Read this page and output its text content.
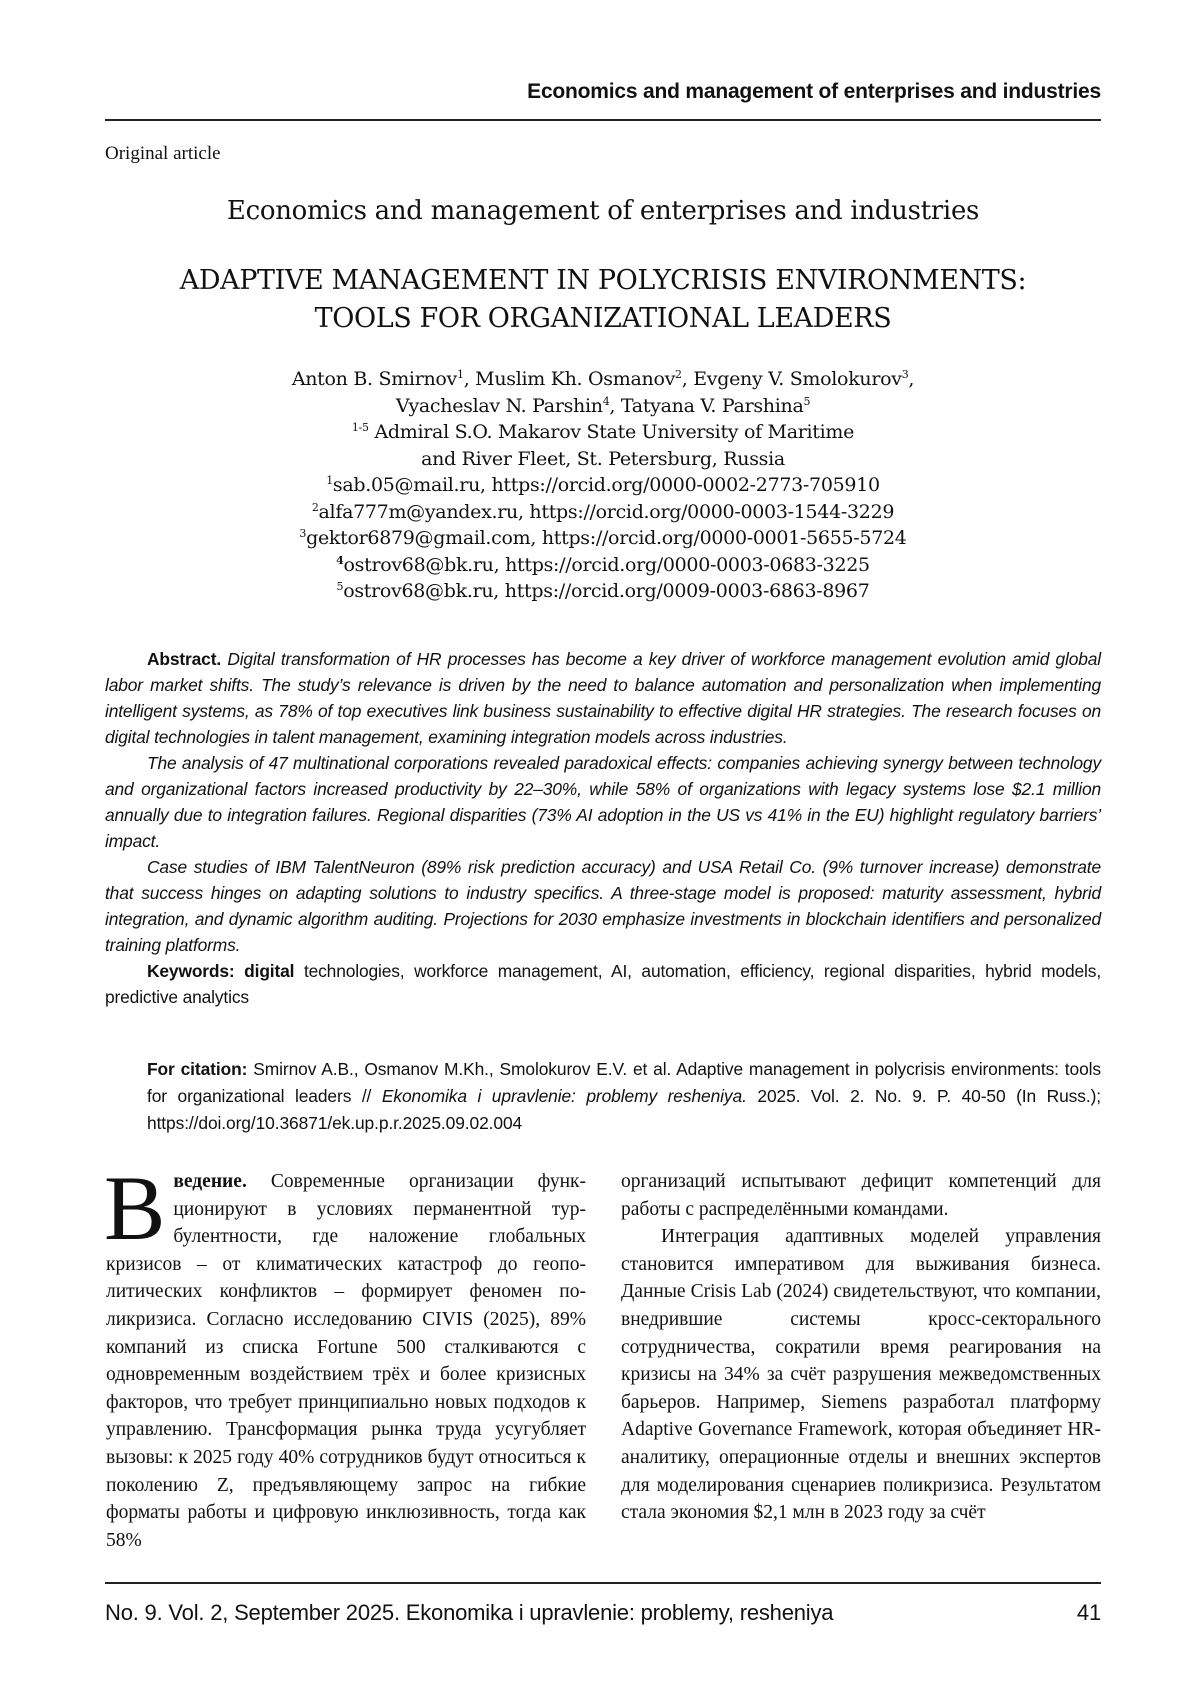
Economics and management of enterprises and industries
Original article
Economics and management of enterprises and industries
ADAPTIVE MANAGEMENT IN POLYCRISIS ENVIRONMENTS:
TOOLS FOR ORGANIZATIONAL LEADERS
Anton B. Smirnov$^1$, Muslim Kh. Osmanov$^2$, Evgeny V. Smolokurov$^3$,
Vyacheslav N. Parshin$^4$, Tatyana V. Parshina$^5$
$^{1-5}$ Admiral S.O. Makarov State University of Maritime
and River Fleet, St. Petersburg, Russia
$^1$sab.05@mail.ru, https://orcid.org/0000-0002-2773-705910
$^2$alfa777m@yandex.ru, https://orcid.org/0000-0003-1544-3229
$^3$gektor6879@gmail.com, https://orcid.org/0000-0001-5655-5724
$^4$ostrov68@bk.ru, https://orcid.org/0000-0003-0683-3225
$^5$ostrov68@bk.ru, https://orcid.org/0009-0003-6863-8967

Abstract. Digital transformation of HR processes has become a key driver of workforce management evolution amid global labor market shifts. The study’s relevance is driven by the need to balance automation and personalization when implementing intelligent systems, as 78% of top executives link business sustainability to effective digital HR strategies. The research focuses on digital technologies in talent management, examining integration models across industries.

The analysis of 47 multinational corporations revealed paradoxical effects: companies achieving synergy between technology and organizational factors increased productivity by 22–30%, while 58% of organizations with legacy systems lose $2.1 million annually due to integration failures. Regional disparities (73% AI adoption in the US vs 41% in the EU) highlight regulatory barriers’ impact.

Case studies of IBM TalentNeuron (89% risk prediction accuracy) and USA Retail Co. (9% turnover increase) demonstrate that success hinges on adapting solutions to industry specifics. A three-stage model is proposed: maturity assessment, hybrid integration, and dynamic algorithm auditing. Projections for 2030 emphasize investments in blockchain identifiers and personalized training platforms.

Keywords: digital technologies, workforce management, AI, automation, efficiency, regional disparities, hybrid models, predictive analytics

For citation: Smirnov A.B., Osmanov M.Kh., Smolokurov E.V. et al. Adaptive management in polycrisis environments: tools for organizational leaders // Ekonomika i upravlenie: problemy resheniya. 2025. Vol. 2. No. 9. P. 40-50 (In Russ.); https://doi.org/10.36871/ek.up.p.r.2025.09.02.004

Введение. Современные организации функционируют в условиях перманентной турбулентности, где наложение глобальных кризисов – от климатических катастроф до геополитических конфликтов – формирует феномен поликризиса. Согласно исследованию CIVIS (2025), 89% компаний из списка Fortune 500 сталкиваются с одновременным воздействием трёх и более кризисных факторов, что требует принципиально новых подходов к управлению. Трансформация рынка труда усугубляет вызовы: к 2025 году 40% сотрудников будут относиться к поколению Z, предъявляющему запрос на гибкие форматы работы и цифровую инклюзивность, тогда как 58%

организаций испытывают дефицит компетенций для работы с распределёнными командами.

Интеграция адаптивных моделей управления становится императивом для выживания бизнеса. Данные Crisis Lab (2024) свидетельствуют, что компании, внедрившие системы кросс-секторального сотрудничества, сократили время реагирования на кризисы на 34% за счёт разрушения межведомственных барьеров. Например, Siemens разработал платформу Adaptive Governance Framework, которая объединяет HR-аналитику, операционные отделы и внешних экспертов для моделирования сценариев поликризиса. Результатом стала экономия $2,1 млн в 2023 году за счёт

No. 9. Vol. 2, September 2025. Ekonomika i upravlenie: problemy, resheniya	41
